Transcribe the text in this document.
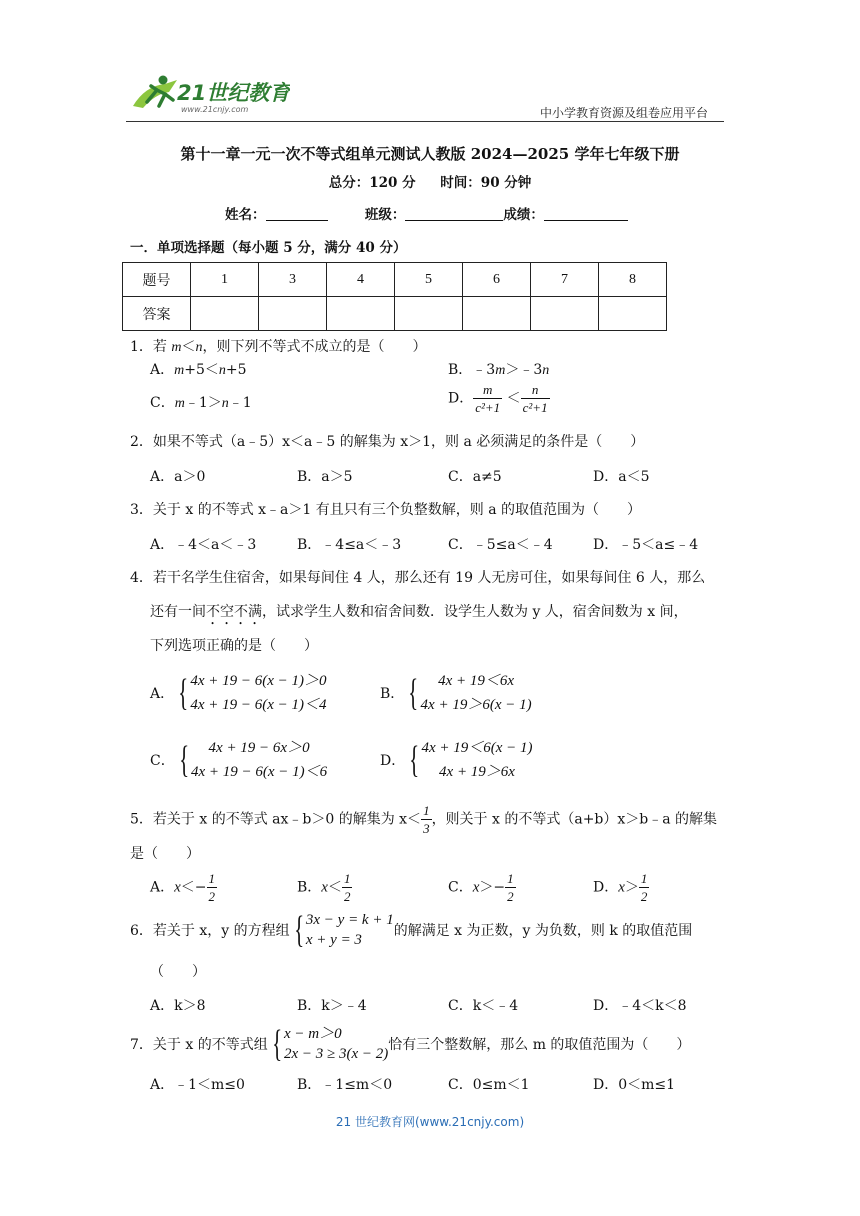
21世纪教育
www.21cnjy.com	中小学教育资源及组卷应用平台
第十一章一元一次不等式组单元测试人教版 2024—2025 学年七年级下册
总分：120 分 时间：90 分钟
姓名：	班级：	成绩：
一．单项选择题（每小题 5 分，满分 40 分）
题号	1	3	4	5	6	7	8
答案							
1．若 m＜n，则下列不等式不成立的是（　　）
A．m+5＜n+5	B．﹣3m＞﹣3n
C．m﹣1＞n﹣1	D． $\frac{m}{\text{c²+1}} < \frac{n}{\text{c²+1}}$
2．如果不等式（a﹣5）x＜a﹣5 的解集为 x＞1，则 a 必须满足的条件是（　　）
A．a＞0	B．a＞5	C．a≠5	D．a＜5
3．关于 x 的不等式 x﹣a＞1 有且只有三个负整数解，则 a 的取值范围为（　　）
A．﹣4＜a＜﹣3	B．﹣4≤a＜﹣3	C．﹣5≤a＜﹣4	D．﹣5＜a≤﹣4
4．若干名学生住宿舍，如果每间住 4 人，那么还有 19 人无房可住，如果每间住 6 人，那么
还有一间不空不满，试求学生人数和宿舍间数．设学生人数为 y 人，宿舍间数为 x 间，
下列选项正确的是（　　）
A． { 4x + 19 − 6(x − 1)＞0
4x + 19 − 6(x − 1)＜4
B． {	4x + 19＜6x
4x + 19＞6(x − 1)
C． {	4x + 19 − 6x＞0
4x + 19 − 6(x − 1)＜6
D． { 4x + 19＜6(x − 1)
4x + 19＞6x
5．若关于 x 的不等式 ax﹣b＞0 的解集为 $x< \frac{1}{3}$ ，则关于 x 的不等式（a+b）x＞b﹣a 的解集
是（　　）
A．$x<- \frac{1}{2}$	B．$x< \frac{1}{2}$	C．$x>- \frac{1}{2}$	D．$x> \frac{1}{2}$
6．若关于 x，y 的方程组 { 3x − y = k + 1
x + y = 3
的解满足 x 为正数，y 为负数，则 k 的取值范围
（　　）
A．k＞8	B．k＞﹣4	C．k＜﹣4	D．﹣4＜k＜8
7．关于 x 的不等式组 { x − m＞0
2x − 3 ≥ 3(x − 2)
恰有三个整数解，那么 m 的取值范围为（　　）
A．﹣1＜m≤0	B．﹣1≤m＜0	C．0≤m＜1	D．0＜m≤1
21 世纪教育网(www.21cnjy.com)
